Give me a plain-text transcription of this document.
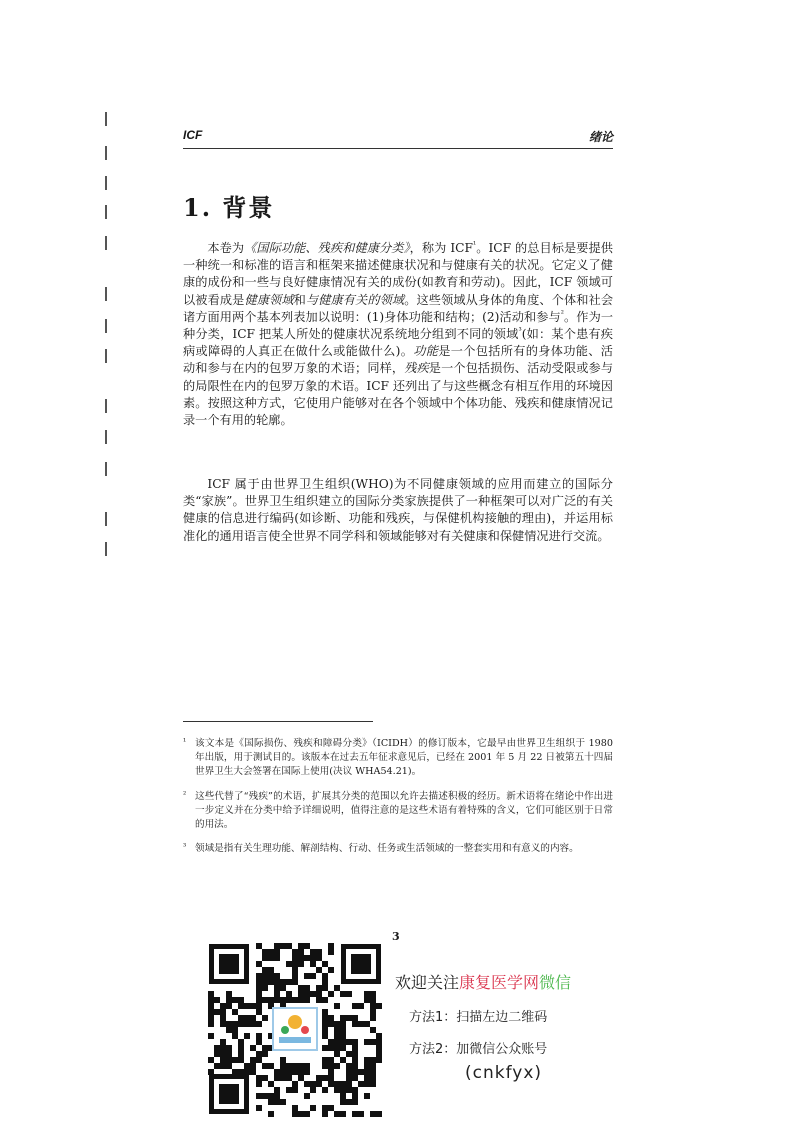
ICF	绪论
1. 背景

本卷为《国际功能、残疾和健康分类》，称为 $ICF^{^1}$。ICF 的总目标是要提供一种统一和标准的语言和框架来描述健康状况和与健康有关的状况。它定义了健康的成份和一些与良好健康情况有关的成份(如教育和劳动)。因此，ICF 领域可以被看成是健康领域和与健康有关的领域。这些领域从身体的角度、个体和社会诸方面用两个基本列表加以说明：(1)身体功能和结构；(2)活动和参与$^{^2}$。作为一种分类，ICF 把某人所处的健康状况系统地分组到不同的领域$^{^3}$(如：某个患有疾病或障碍的人真正在做什么或能做什么)。功能是一个包括所有的身体功能、活动和参与在内的包罗万象的术语；同样，残疾是一个包括损伤、活动受限或参与的局限性在内的包罗万象的术语。ICF 还列出了与这些概念有相互作用的环境因素。按照这种方式，它使用户能够对在各个领域中个体功能、残疾和健康情况记录一个有用的轮廓。

ICF 属于由世界卫生组织(WHO)为不同健康领域的应用而建立的国际分类“家族”。世界卫生组织建立的国际分类家族提供了一种框架可以对广泛的有关健康的信息进行编码(如诊断、功能和残疾，与保健机构接触的理由)，并运用标准化的通用语言使全世界不同学科和领域能够对有关健康和保健情况进行交流。

¹ 该文本是《国际损伤、残疾和障碍分类》（ICIDH）的修订版本，它最早由世界卫生组织于 1980 年出版，用于测试目的。该版本在过去五年征求意见后，已经在 2001 年 5 月 22 日被第五十四届世界卫生大会签署在国际上使用(决议 WHA54.21)。
² 这些代替了“残疾”的术语，扩展其分类的范围以允许去描述积极的经历。新术语将在绪论中作出进一步定义并在分类中给予详细说明，值得注意的是这些术语有着特殊的含义，它们可能区别于日常的用法。
³ 领域是指有关生理功能、解剖结构、行动、任务或生活领域的一整套实用和有意义的内容。
3
欢迎关注康复医学网微信
方法1：扫描左边二维码
方法2：加微信公众账号
(cnkfyx)
